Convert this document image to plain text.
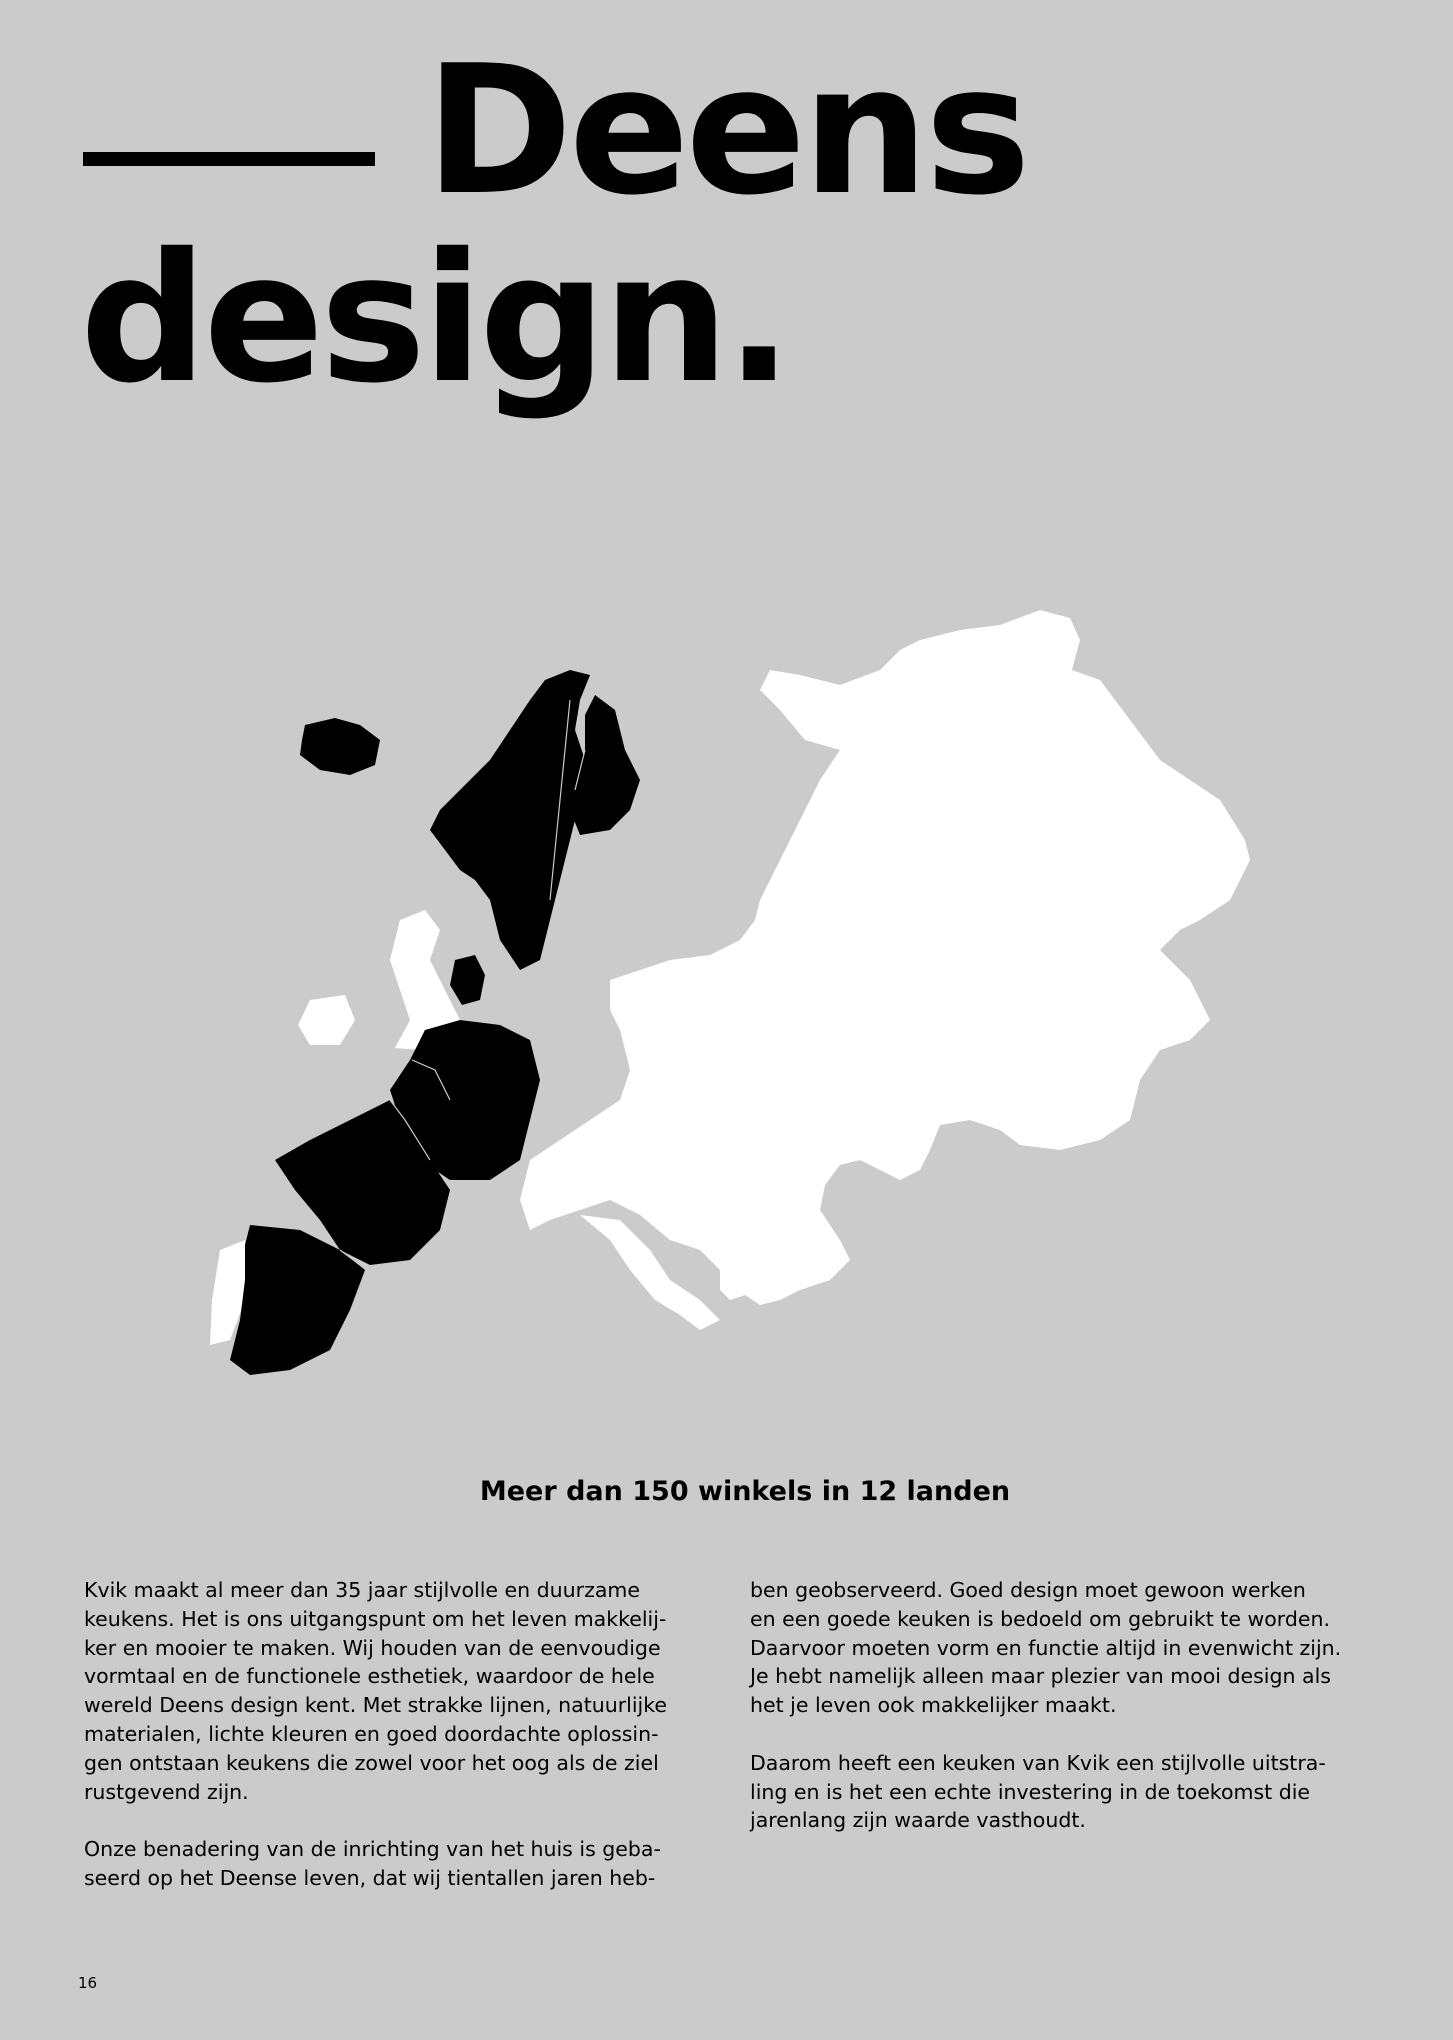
Deens
design.
Meer dan 150 winkels in 12 landen

Kvik maakt al meer dan 35 jaar stijlvolle en duurzame
keukens. Het is ons uitgangspunt om het leven makkelij-
ker en mooier te maken. Wij houden van de eenvoudige
vormtaal en de functionele esthetiek, waardoor de hele
wereld Deens design kent. Met strakke lijnen, natuurlijke
materialen, lichte kleuren en goed doordachte oplossin-
gen ontstaan keukens die zowel voor het oog als de ziel
rustgevend zijn.

Onze benadering van de inrichting van het huis is geba-
seerd op het Deense leven, dat wij tientallen jaren heb-

ben geobserveerd. Goed design moet gewoon werken
en een goede keuken is bedoeld om gebruikt te worden.
Daarvoor moeten vorm en functie altijd in evenwicht zijn.
Je hebt namelijk alleen maar plezier van mooi design als
het je leven ook makkelijker maakt.

Daarom heeft een keuken van Kvik een stijlvolle uitstra-
ling en is het een echte investering in de toekomst die
jarenlang zijn waarde vasthoudt.

16
